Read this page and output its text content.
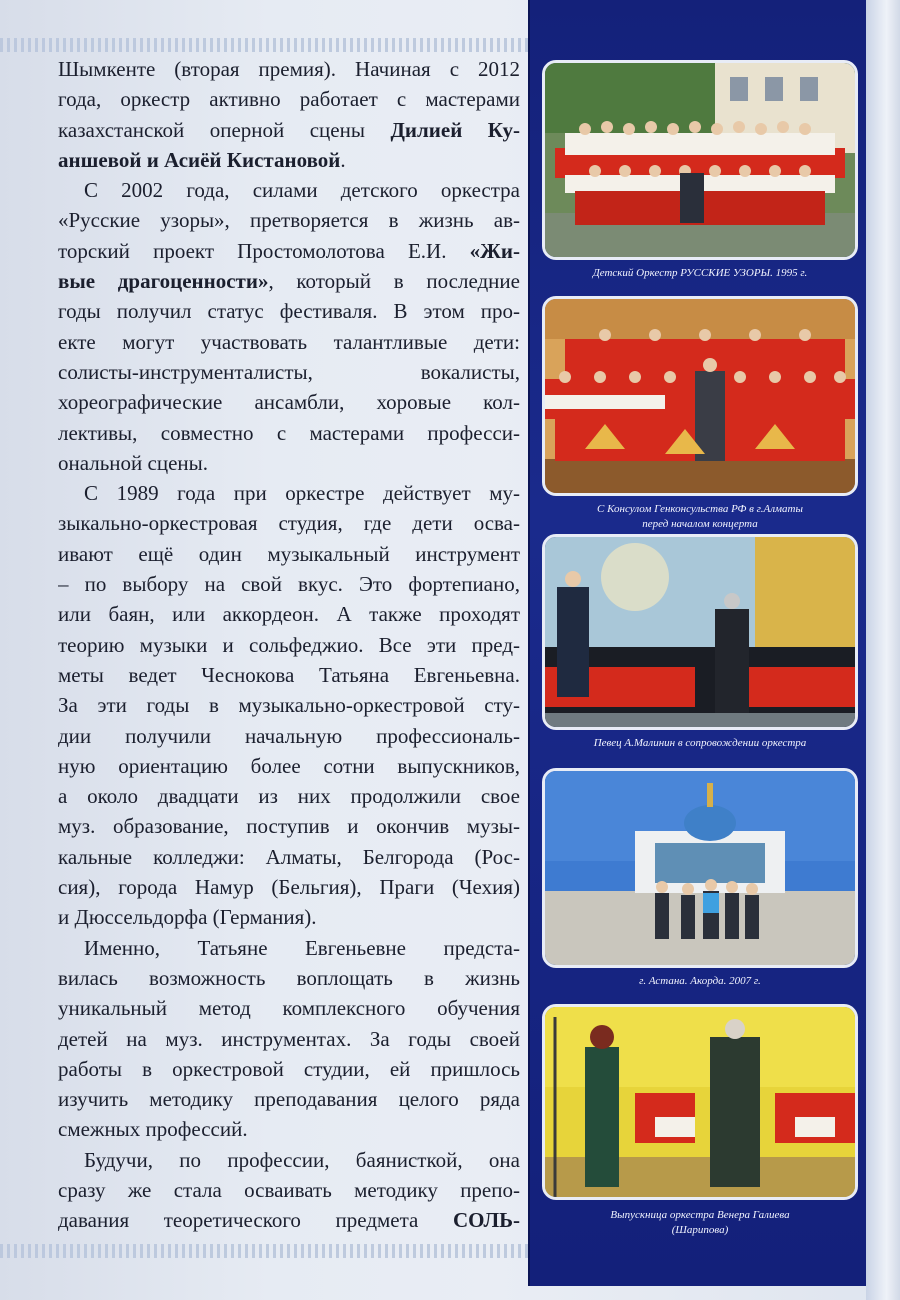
Шымкенте (вторая премия). Начиная с 2012
года, оркестр активно работает с мастерами
казахстанской оперной сцены Дилией Ку-
аншевой и Асиёй Кистановой.
С 2002 года, силами детского оркестра
«Русские узоры», претворяется в жизнь ав-
торский проект Простомолотова Е.И. «Жи-
вые драгоценности», который в последние
годы получил статус фестиваля. В этом про-
екте могут участвовать талантливые дети:
солисты-инструменталисты,        вокалисты,
хореографические ансамбли, хоровые кол-
лективы, совместно с мастерами професси-
ональной сцены.
С 1989 года при оркестре действует му-
зыкально-оркестровая студия, где дети осва-
ивают ещё один музыкальный инструмент
– по выбору на свой вкус. Это фортепиано,
или баян, или аккордеон. А также проходят
теорию музыки и сольфеджио. Все эти пред-
меты ведет Чеснокова Татьяна Евгеньевна.
За эти годы в музыкально-оркестровой сту-
дии получили начальную профессиональ-
ную ориентацию более сотни выпускников,
а около двадцати из них продолжили свое
муз. образование, поступив и окончив музы-
кальные колледжи: Алматы, Белгорода (Рос-
сия), города Намур (Бельгия), Праги (Чехия)
и Дюссельдорфа (Германия).
Именно, Татьяне Евгеньевне предста-
вилась возможность воплощать в жизнь
уникальный метод комплексного обучения
детей на муз. инструментах. За годы своей
работы в оркестровой студии, ей пришлось
изучить методику преподавания целого ряда
смежных профессий.
Будучи, по профессии, баянисткой, она
сразу же стала осваивать методику препо-
давания теоретического предмета СОЛЬ-
Детский Оркестр РУССКИЕ УЗОРЫ. 1995 г.
С Консулом Генконсульства РФ в г.Алматы
перед началом концерта
Певец А.Малинин в сопровождении оркестра
г. Астана. Акорда. 2007 г.
Выпускница оркестра Венера Галиева
(Шарипова)
